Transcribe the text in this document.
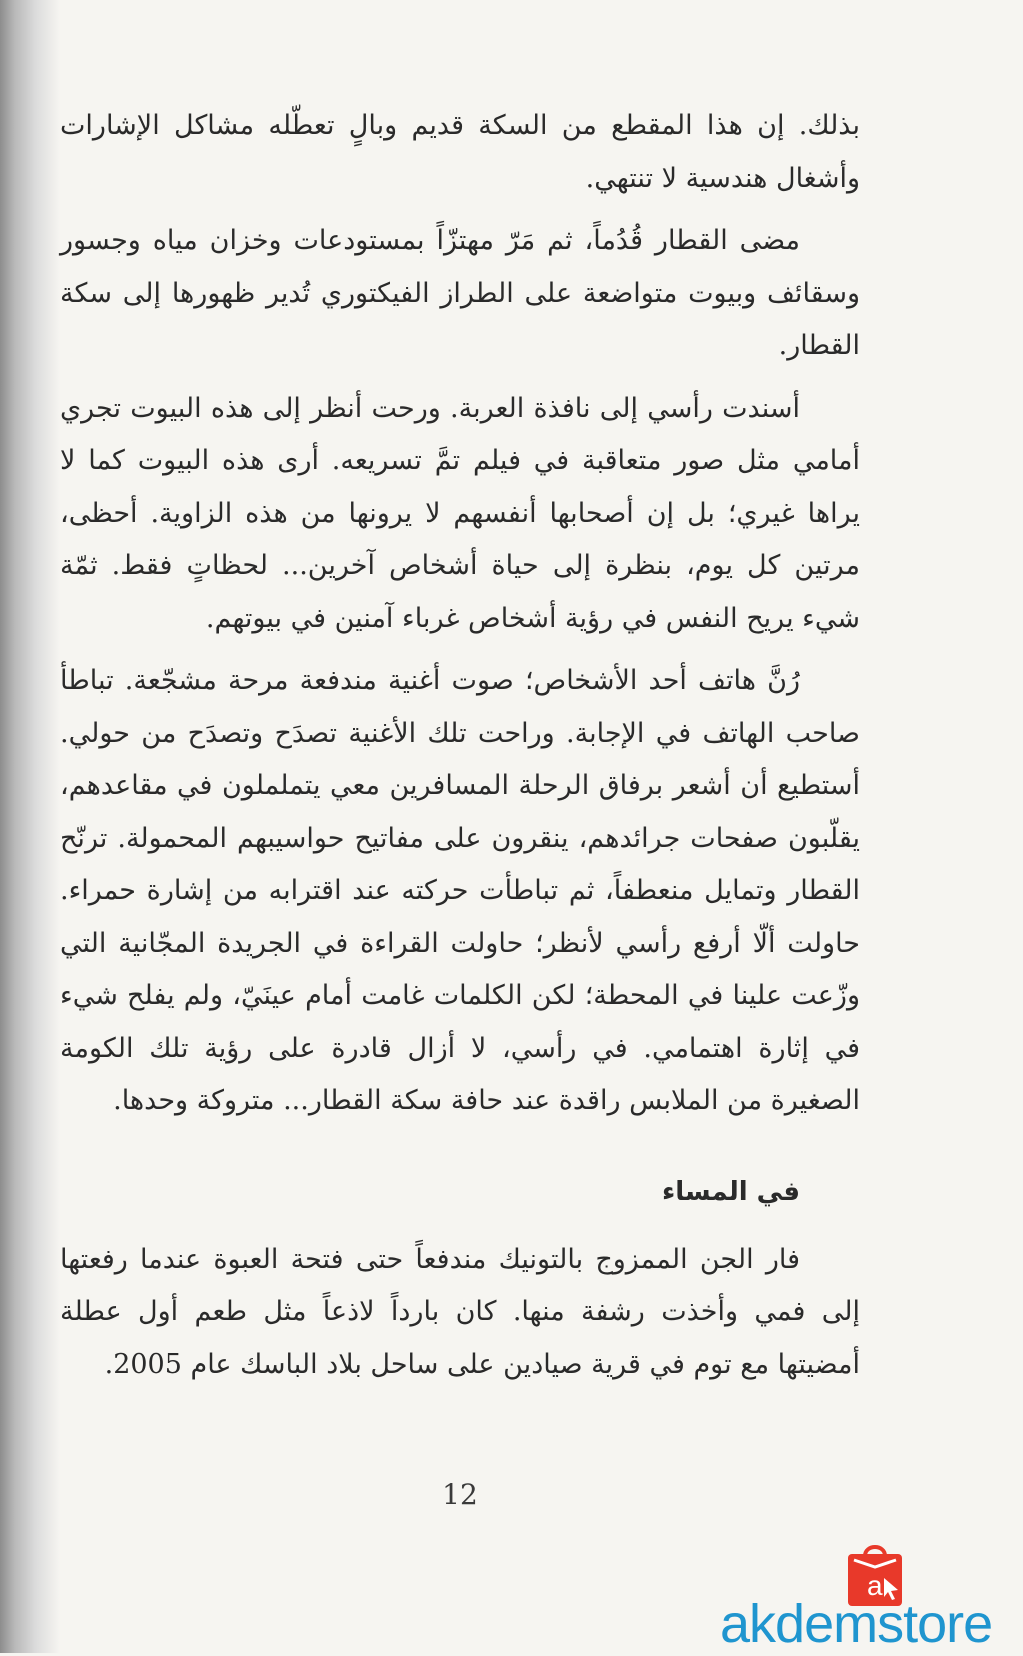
بذلك. إن هذا المقطع من السكة قديم وبالٍ تعطّله مشاكل الإشارات وأشغال هندسية لا تنتهي.

مضى القطار قُدُماً، ثم مَرّ مهتزّاً بمستودعات وخزان مياه وجسور وسقائف وبيوت متواضعة على الطراز الفيكتوري تُدير ظهورها إلى سكة القطار.

أسندت رأسي إلى نافذة العربة. ورحت أنظر إلى هذه البيوت تجري أمامي مثل صور متعاقبة في فيلم تمَّ تسريعه. أرى هذه البيوت كما لا يراها غيري؛ بل إن أصحابها أنفسهم لا يرونها من هذه الزاوية. أحظى، مرتين كل يوم، بنظرة إلى حياة أشخاص آخرين... لحظاتٍ فقط. ثمّة شيء يريح النفس في رؤية أشخاص غرباء آمنين في بيوتهم.

رُنَّ هاتف أحد الأشخاص؛ صوت أغنية مندفعة مرحة مشجّعة. تباطأ صاحب الهاتف في الإجابة. وراحت تلك الأغنية تصدَح وتصدَح من حولي. أستطيع أن أشعر برفاق الرحلة المسافرين معي يتململون في مقاعدهم، يقلّبون صفحات جرائدهم، ينقرون على مفاتيح حواسيبهم المحمولة. ترنّح القطار وتمايل منعطفاً، ثم تباطأت حركته عند اقترابه من إشارة حمراء. حاولت ألّا أرفع رأسي لأنظر؛ حاولت القراءة في الجريدة المجّانية التي وزّعت علينا في المحطة؛ لكن الكلمات غامت أمام عينَيّ، ولم يفلح شيء في إثارة اهتمامي. في رأسي، لا أزال قادرة على رؤية تلك الكومة الصغيرة من الملابس راقدة عند حافة سكة القطار... متروكة وحدها.

في المساء

فار الجن الممزوج بالتونيك مندفعاً حتى فتحة العبوة عندما رفعتها إلى فمي وأخذت رشفة منها. كان بارداً لاذعاً مثل طعم أول عطلة أمضيتها مع توم في قرية صيادين على ساحل بلاد الباسك عام 2005.

12
a
akdemstore
